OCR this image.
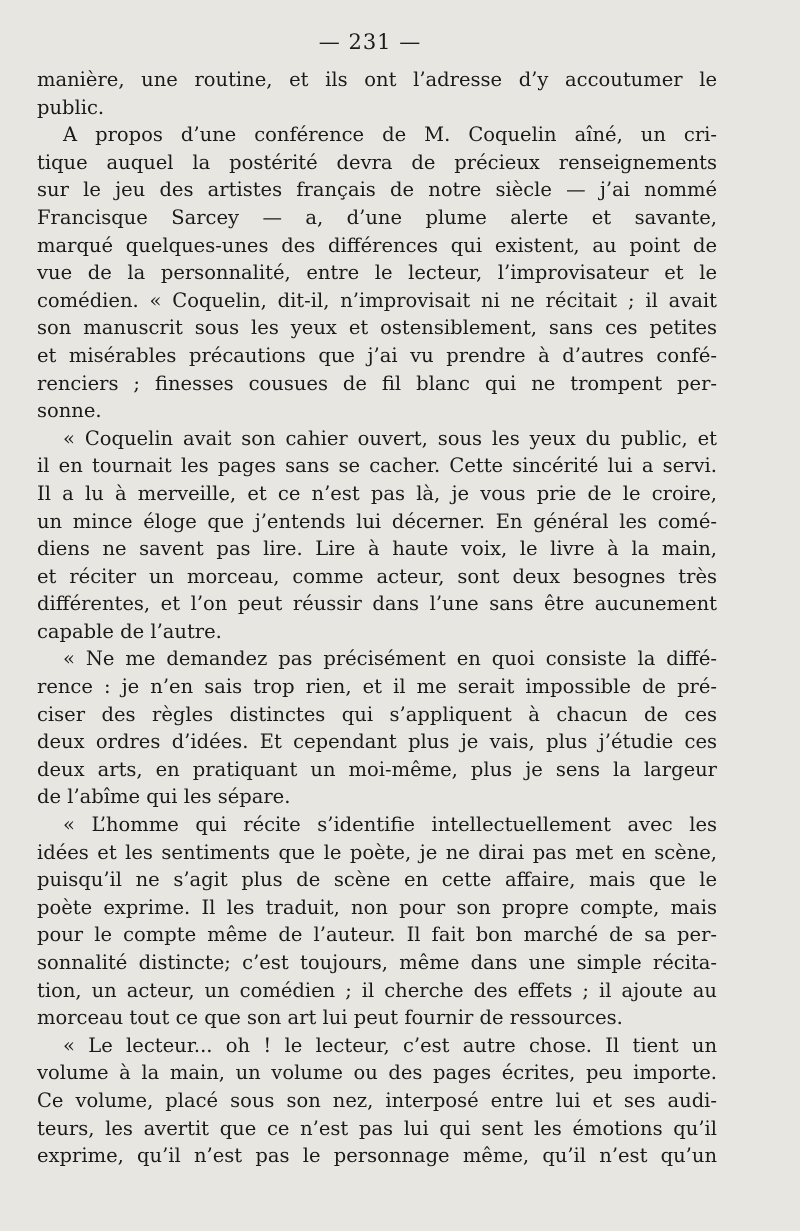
— 231 —
manière, une routine, et ils ont l’adresse d’y accoutumer le
public.
A propos d’une conférence de M. Coquelin aîné, un cri-
tique auquel la postérité devra de précieux renseignements
sur le jeu des artistes français de notre siècle — j’ai nommé
Francisque Sarcey — a, d’une plume alerte et savante,
marqué quelques-unes des différences qui existent, au point de
vue de la personnalité, entre le lecteur, l’improvisateur et le
comédien. « Coquelin, dit-il, n’improvisait ni ne récitait ; il avait
son manuscrit sous les yeux et ostensiblement, sans ces petites
et misérables précautions que j’ai vu prendre à d’autres confé-
renciers ; finesses cousues de fil blanc qui ne trompent per-
sonne.
« Coquelin avait son cahier ouvert, sous les yeux du public, et
il en tournait les pages sans se cacher. Cette sincérité lui a servi.
Il a lu à merveille, et ce n’est pas là, je vous prie de le croire,
un mince éloge que j’entends lui décerner. En général les comé-
diens ne savent pas lire. Lire à haute voix, le livre à la main,
et réciter un morceau, comme acteur, sont deux besognes très
différentes, et l’on peut réussir dans l’une sans être aucunement
capable de l’autre.
« Ne me demandez pas précisément en quoi consiste la diffé-
rence : je n’en sais trop rien, et il me serait impossible de pré-
ciser des règles distinctes qui s’appliquent à chacun de ces
deux ordres d’idées. Et cependant plus je vais, plus j’étudie ces
deux arts, en pratiquant un moi-même, plus je sens la largeur
de l’abîme qui les sépare.
« L’homme qui récite s’identifie intellectuellement avec les
idées et les sentiments que le poète, je ne dirai pas met en scène,
puisqu’il ne s’agit plus de scène en cette affaire, mais que le
poète exprime. Il les traduit, non pour son propre compte, mais
pour le compte même de l’auteur. Il fait bon marché de sa per-
sonnalité distincte; c’est toujours, même dans une simple récita-
tion, un acteur, un comédien ; il cherche des effets ; il ajoute au
morceau tout ce que son art lui peut fournir de ressources.
« Le lecteur... oh ! le lecteur, c’est autre chose. Il tient un
volume à la main, un volume ou des pages écrites, peu importe.
Ce volume, placé sous son nez, interposé entre lui et ses audi-
teurs, les avertit que ce n’est pas lui qui sent les émotions qu’il
exprime, qu’il n’est pas le personnage même, qu’il n’est qu’un
